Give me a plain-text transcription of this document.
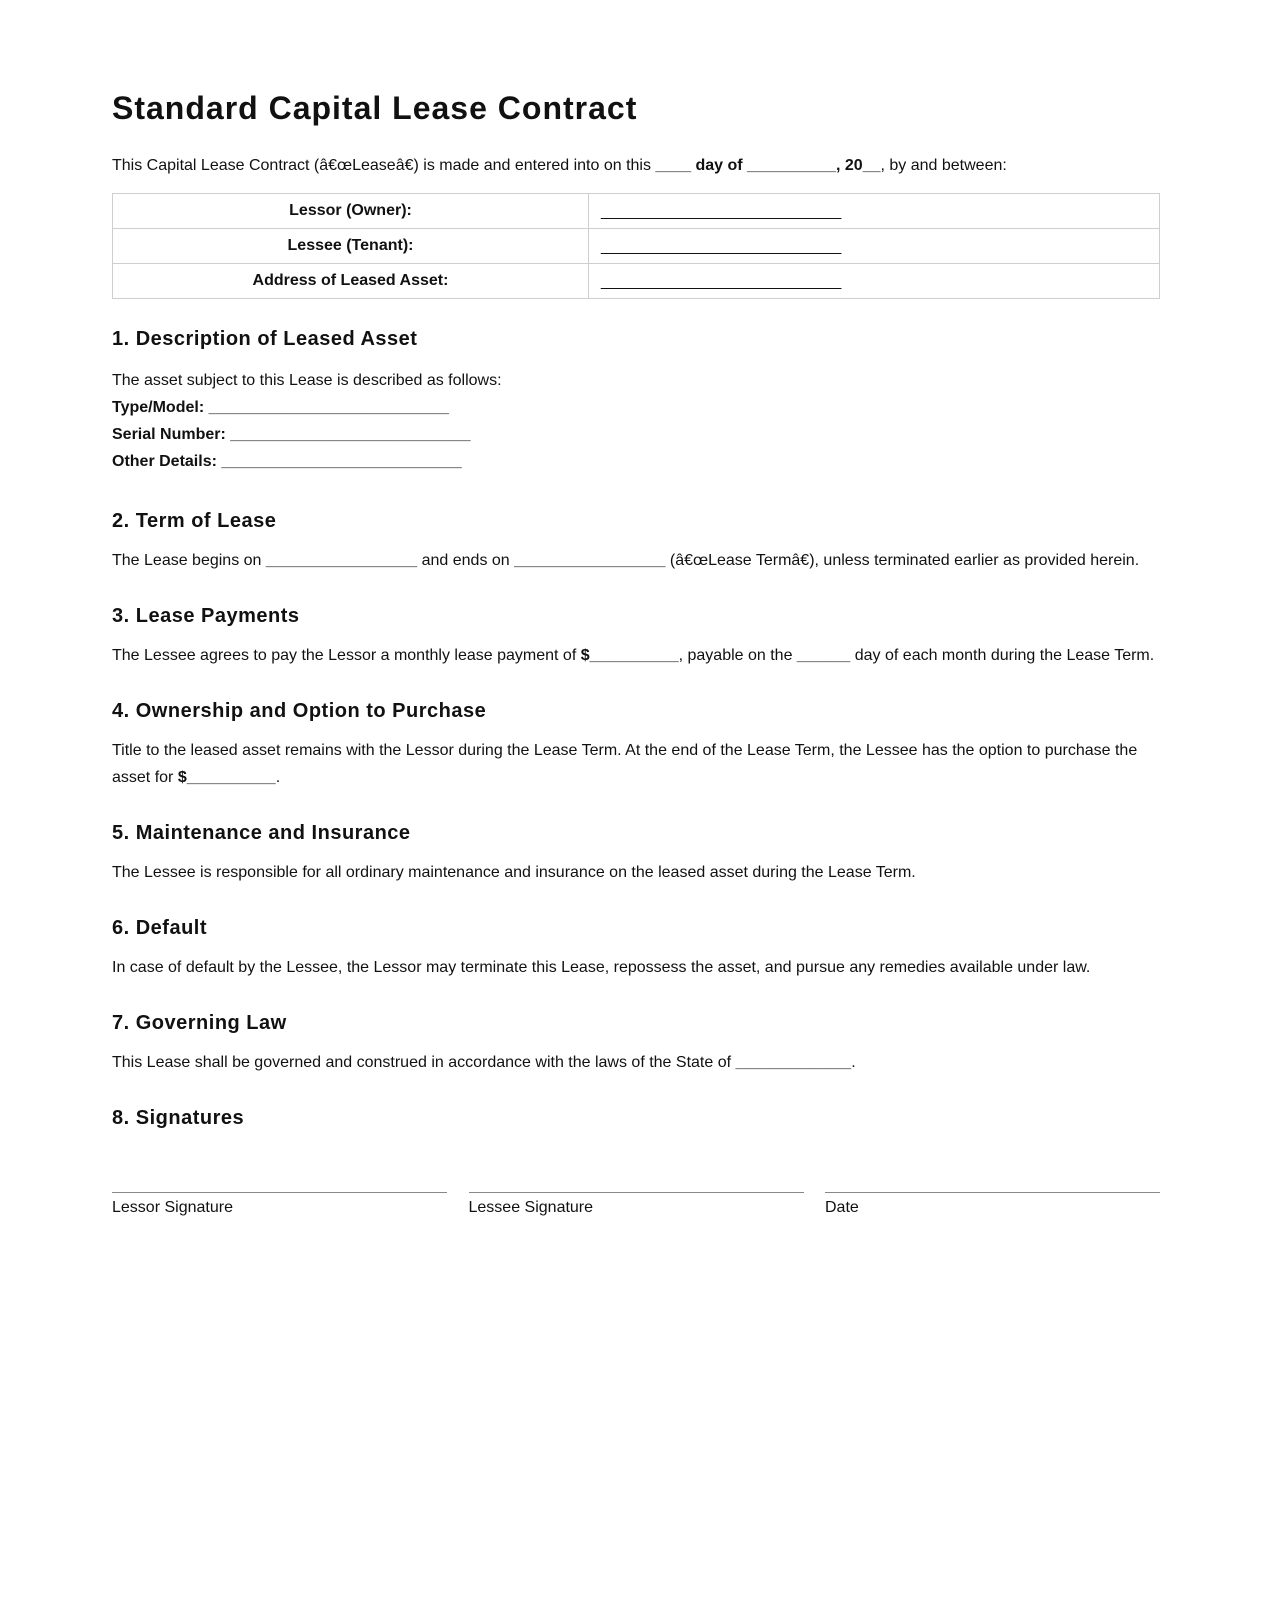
Standard Capital Lease Contract

This Capital Lease Contract (â€œLeaseâ€) is made and entered into on this ____ day of __________, 20__, by and between:

Lessor (Owner):	___________________________
Lessee (Tenant):	___________________________
Address of Leased Asset:	___________________________
1. Description of Leased Asset

The asset subject to this Lease is described as follows:

Type/Model: ___________________________

Serial Number: ___________________________

Other Details: ___________________________

2. Term of Lease

The Lease begins on _________________ and ends on _________________ (â€œLease Termâ€), unless terminated earlier as provided herein.

3. Lease Payments

The Lessee agrees to pay the Lessor a monthly lease payment of $__________, payable on the ______ day of each month during the Lease Term.

4. Ownership and Option to Purchase

Title to the leased asset remains with the Lessor during the Lease Term. At the end of the Lease Term, the Lessee has the option to purchase the asset for $__________.

5. Maintenance and Insurance

The Lessee is responsible for all ordinary maintenance and insurance on the leased asset during the Lease Term.

6. Default

In case of default by the Lessee, the Lessor may terminate this Lease, repossess the asset, and pursue any remedies available under law.

7. Governing Law

This Lease shall be governed and construed in accordance with the laws of the State of _____________.

8. Signatures
Lessor Signature	Lessee Signature	Date
